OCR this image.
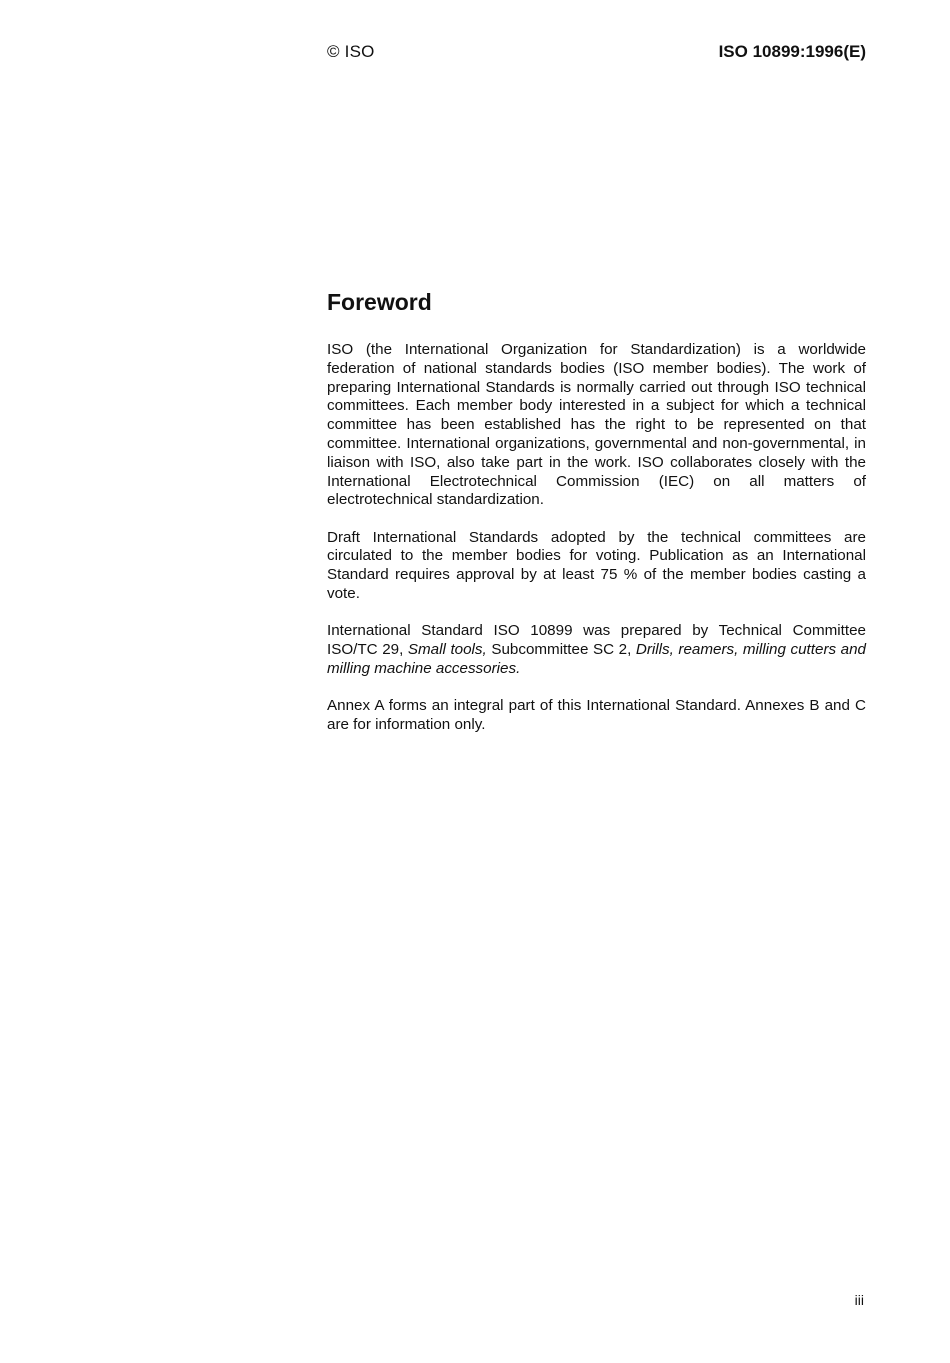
© ISO	ISO 10899:1996(E)
Foreword

ISO (the International Organization for Standardization) is a worldwide federation of national standards bodies (ISO member bodies). The work of preparing International Standards is normally carried out through ISO technical committees. Each member body interested in a subject for which a technical committee has been established has the right to be represented on that committee. International organizations, governmental and non-governmental, in liaison with ISO, also take part in the work. ISO collaborates closely with the International Electrotechnical Commission (IEC) on all matters of electrotechnical standardization.

Draft International Standards adopted by the technical committees are circulated to the member bodies for voting. Publication as an International Standard requires approval by at least 75 % of the member bodies casting a vote.

International Standard ISO 10899 was prepared by Technical Committee ISO/TC 29, Small tools, Subcommittee SC 2, Drills, reamers, milling cutters and milling machine accessories.

Annex A forms an integral part of this International Standard. Annexes B and C are for information only.

iii
